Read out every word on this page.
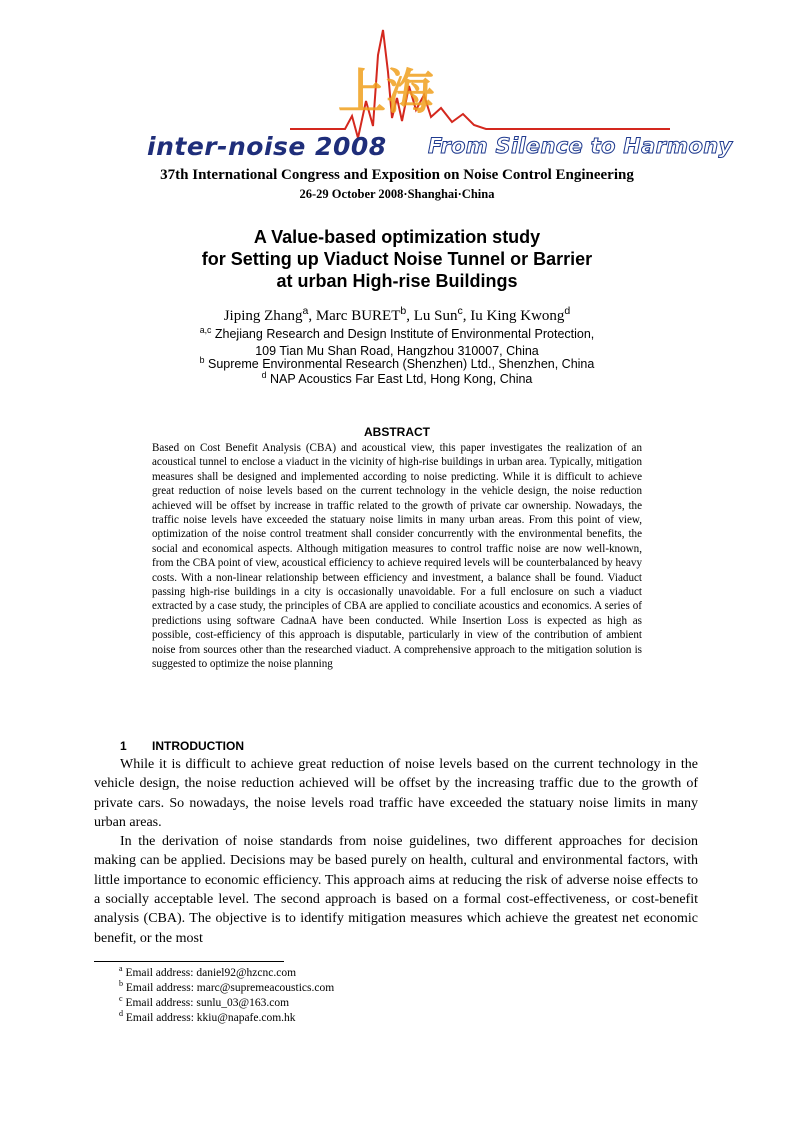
上海
inter-noise 2008 From Silence to Harmony
37th International Congress and Exposition on Noise Control Engineering
26-29 October 2008·Shanghai·China
A Value-based optimization study
for Setting up Viaduct Noise Tunnel or Barrier
at urban High-rise Buildings
Jiping Zhang$^a$, Marc BURET$^b$, Lu Sun$^c$, Iu King Kwong$^d$
$^{a,c}$ Zhejiang Research and Design Institute of Environmental Protection,
109 Tian Mu Shan Road, Hangzhou 310007, China
$^b$ Supreme Environmental Research (Shenzhen) Ltd., Shenzhen, China
$^d$ NAP Acoustics Far East Ltd, Hong Kong, China
ABSTRACT
Based on Cost Benefit Analysis (CBA) and acoustical view, this paper investigates the realization of an acoustical tunnel to enclose a viaduct in the vicinity of high-rise buildings in urban area. Typically, mitigation measures shall be designed and implemented according to noise predicting. While it is difficult to achieve great reduction of noise levels based on the current technology in the vehicle design, the noise reduction achieved will be offset by increase in traffic related to the growth of private car ownership. Nowadays, the traffic noise levels have exceeded the statuary noise limits in many urban areas. From this point of view, optimization of the noise control treatment shall consider concurrently with the environmental benefits, the social and economical aspects. Although mitigation measures to control traffic noise are now well-known, from the CBA point of view, acoustical efficiency to achieve required levels will be counterbalanced by heavy costs. With a non-linear relationship between efficiency and investment, a balance shall be found. Viaduct passing high-rise buildings in a city is occasionally unavoidable. For a full enclosure on such a viaduct extracted by a case study, the principles of CBA are applied to conciliate acoustics and economics. A series of predictions using software CadnaA have been conducted. While Insertion Loss is expected as high as possible, cost-efficiency of this approach is disputable, particularly in view of the contribution of ambient noise from sources other than the researched viaduct. A comprehensive approach to the mitigation solution is suggested to optimize the noise planning
1 INTRODUCTION

While it is difficult to achieve great reduction of noise levels based on the current technology in the vehicle design, the noise reduction achieved will be offset by the increasing traffic due to the growth of private cars. So nowadays, the noise levels road traffic have exceeded the statuary noise limits in many urban areas.

In the derivation of noise standards from noise guidelines, two different approaches for decision making can be applied. Decisions may be based purely on health, cultural and environmental factors, with little importance to economic efficiency. This approach aims at reducing the risk of adverse noise effects to a socially acceptable level. The second approach is based on a formal cost-effectiveness, or cost-benefit analysis (CBA). The objective is to identify mitigation measures which achieve the greatest net economic benefit, or the most

$^a$ Email address: daniel92@hzcnc.com
$^b$ Email address: marc@supremeacoustics.com
$^c$ Email address: sunlu_03@163.com
$^d$ Email address: kkiu@napafe.com.hk
